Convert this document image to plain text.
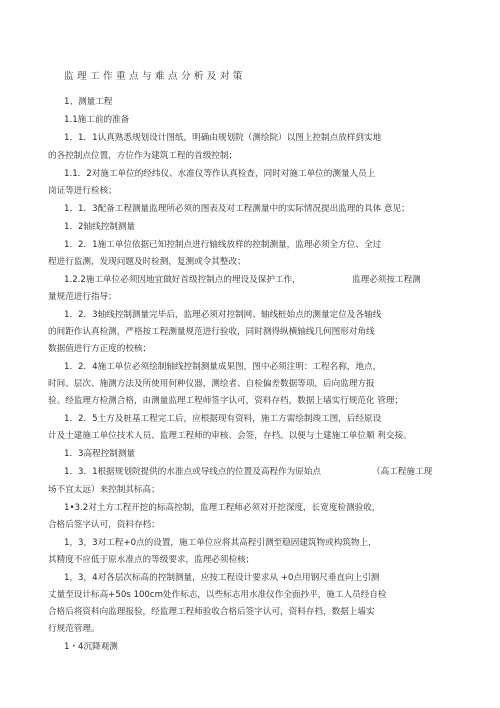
监理工作重点与难点分析及对策
1、测量工程
1.1施工前的准备
1．1．1认真熟悉规划设计图纸，明确由规划院（测绘院）以图上控制点放样到实地
的各控制点位置，方位作为建筑工程的首级控制；
1.1．2对施工单位的经纬仪、水准仪等作认真检查，同时对施工单位的测量人员上
岗证等进行检核；
1．1．3配备工程测量监理所必须的图表及对工程测量中的实际情况提出监理的具体 意见；
1．2轴线控制测量
1．2．1施工单位依据已知控制点进行轴线放样的控制测量，监理必须全方位、全过
程进行监测，发现问题及时检测，复测或令其整改；
1.2.2施工单位必须因地宜做好首级控制点的埋设及保护工作，	监理必须按工程测
量规范进行指导；
1．2．3轴线控制测量完毕后，监理必须对控制网、轴线桩始点的测量定位及各轴线
的间距作认真检测，严格按工程测量规范进行验收，同时测得纵横轴线几何图形对角线
数据值进行方正度的校核；
1．2．4施工单位必须绘制轴线控制测量成果图，图中必须注明：工程名称，地点，
时间、层次、施测方法及所使用何种仪器，测绘者、自检偏差数据等项，后向监理方报
验。经监理方检测合格，由测量监理工程师签字认可，资料存档，数据上墙实行规范化 管理；
1．2．5土方及桩基工程完工后，应根据现有资料，施工方需绘制竣工图，后经原设
计及土建施工单位技术人员、监理工程师的审核、会签，存档。以便与土建施工单位顺 利交接。
1．3高程控制测量
1．3．1根据规划院提供的水准点或导线点的位置及高程作为原始点	（高工程施工现
场不宜太远）来控制其标高；
1•3.2对土方工程开挖的标高控制，监理工程师必须对开挖深度，长宽度检测验收，
合格后签字认可，资料存档；
1，3，3对工程+0点的设置，施工单位应将其高程引测至稳固建筑物或构筑物上，
其精度不应低于原水准点的等级要求，监理必须检核；
1，3，4对各层次标高的控制测量，应按工程设计要求从 +0点用钢尺垂直向上引测
丈量至设计标高+50s 100cm处作标志，以些标志用水准仪作全面抄平，施工人员经自检
合格后将资料向监理报验，经监理工程师验收合格后签字认可，资料存档，数据上墙实
行规范管理。
1・4沉降观测
